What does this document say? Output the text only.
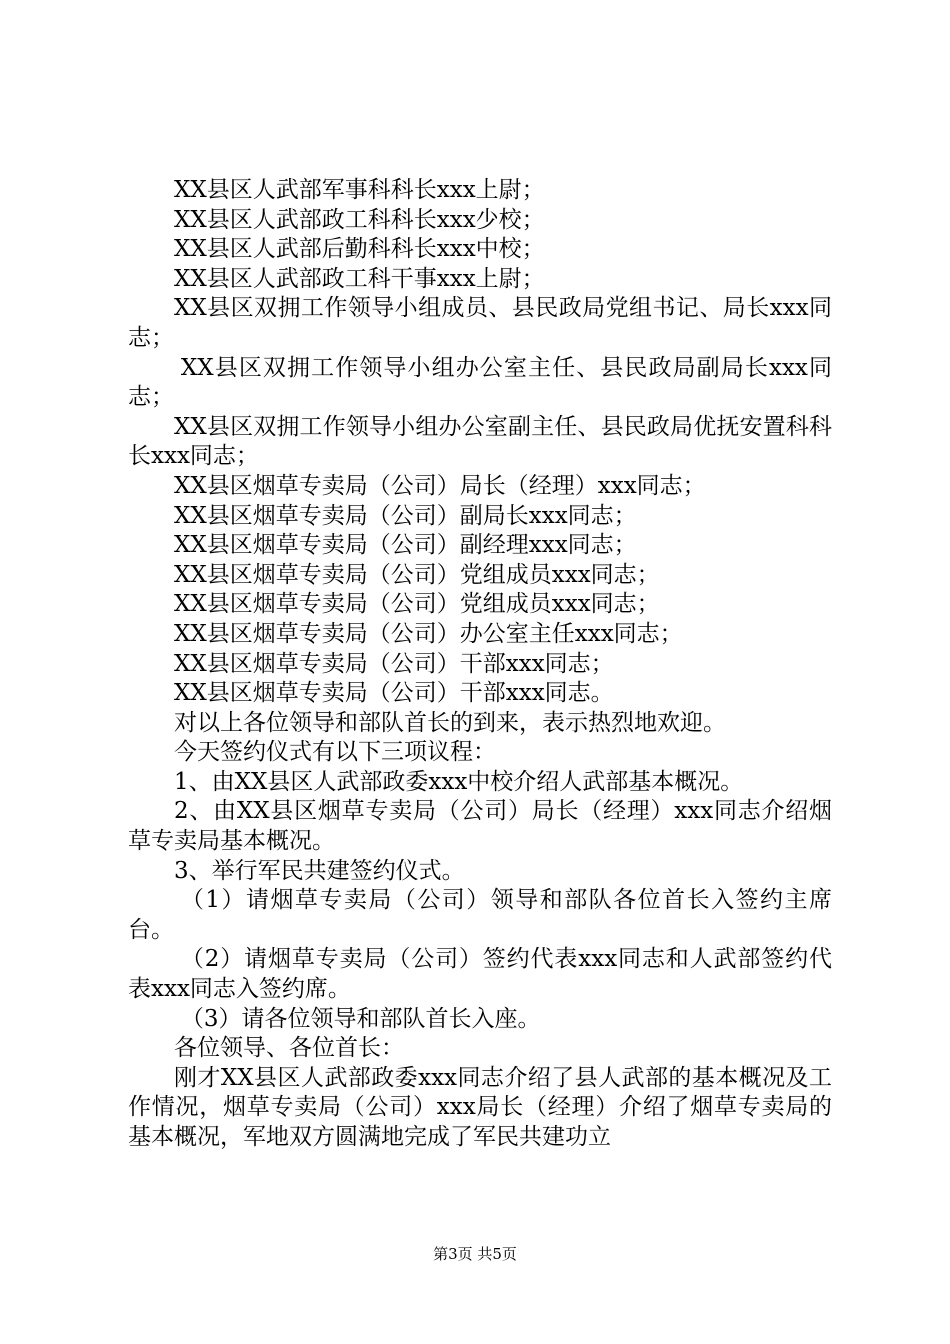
XX县区人武部军事科科长xxx上尉；

XX县区人武部政工科科长xxx少校；

XX县区人武部后勤科科长xxx中校；

XX县区人武部政工科干事xxx上尉；

XX县区双拥工作领导小组成员、县民政局党组书记、局长xxx同志；

XX县区双拥工作领导小组办公室主任、县民政局副局长xxx同志；

XX县区双拥工作领导小组办公室副主任、县民政局优抚安置科科长xxx同志；

XX县区烟草专卖局（公司）局长（经理）xxx同志；

XX县区烟草专卖局（公司）副局长xxx同志；

XX县区烟草专卖局（公司）副经理xxx同志；

XX县区烟草专卖局（公司）党组成员xxx同志；

XX县区烟草专卖局（公司）党组成员xxx同志；

XX县区烟草专卖局（公司）办公室主任xxx同志；

XX县区烟草专卖局（公司）干部xxx同志；

XX县区烟草专卖局（公司）干部xxx同志。

对以上各位领导和部队首长的到来，表示热烈地欢迎。

今天签约仪式有以下三项议程：

1、由XX县区人武部政委xxx中校介绍人武部基本概况。

2、由XX县区烟草专卖局（公司）局长（经理）xxx同志介绍烟草专卖局基本概况。

3、举行军民共建签约仪式。

（1）请烟草专卖局（公司）领导和部队各位首长入签约主席台。

（2）请烟草专卖局（公司）签约代表xxx同志和人武部签约代表xxx同志入签约席。

（3）请各位领导和部队首长入座。

各位领导、各位首长：

刚才XX县区人武部政委xxx同志介绍了县人武部的基本概况及工作情况，烟草专卖局（公司）xxx局长（经理）介绍了烟草专卖局的基本概况，军地双方圆满地完成了军民共建功立

第3页 共5页
